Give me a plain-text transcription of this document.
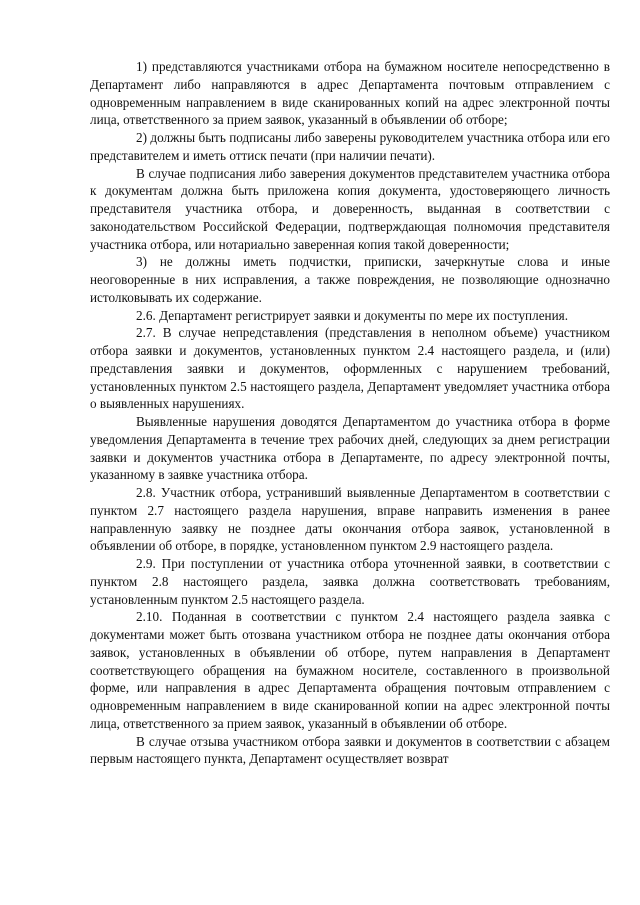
1) представляются участниками отбора на бумажном носителе непосредственно в Департамент либо направляются в адрес Департамента почтовым отправлением с одновременным направлением в виде сканированных копий на адрес электронной почты лица, ответственного за прием заявок, указанный в объявлении об отборе;

2) должны быть подписаны либо заверены руководителем участника отбора или его представителем и иметь оттиск печати (при наличии печати).

В случае подписания либо заверения документов представителем участника отбора к документам должна быть приложена копия документа, удостоверяющего личность представителя участника отбора, и доверенность, выданная в соответствии с законодательством Российской Федерации, подтверждающая полномочия представителя участника отбора, или нотариально заверенная копия такой доверенности;

3) не должны иметь подчистки, приписки, зачеркнутые слова и иные неоговоренные в них исправления, а также повреждения, не позволяющие однозначно истолковывать их содержание.

2.6. Департамент регистрирует заявки и документы по мере их поступления.

2.7. В случае непредставления (представления в неполном объеме) участником отбора заявки и документов, установленных пунктом 2.4 настоящего раздела, и (или) представления заявки и документов, оформленных с нарушением требований, установленных пунктом 2.5 настоящего раздела, Департамент уведомляет участника отбора о выявленных нарушениях.

Выявленные нарушения доводятся Департаментом до участника отбора в форме уведомления Департамента в течение трех рабочих дней, следующих за днем регистрации заявки и документов участника отбора в Департаменте, по адресу электронной почты, указанному в заявке участника отбора.

2.8. Участник отбора, устранивший выявленные Департаментом в соответствии с пунктом 2.7 настоящего раздела нарушения, вправе направить изменения в ранее направленную заявку не позднее даты окончания отбора заявок, установленной в объявлении об отборе, в порядке, установленном пунктом 2.9 настоящего раздела.

2.9. При поступлении от участника отбора уточненной заявки, в соответствии с пунктом 2.8 настоящего раздела, заявка должна соответствовать требованиям, установленным пунктом 2.5 настоящего раздела.

2.10. Поданная в соответствии с пунктом 2.4 настоящего раздела заявка с документами может быть отозвана участником отбора не позднее даты окончания отбора заявок, установленных в объявлении об отборе, путем направления в Департамент соответствующего обращения на бумажном носителе, составленного в произвольной форме, или направления в адрес Департамента обращения почтовым отправлением с одновременным направлением в виде сканированной копии на адрес электронной почты лица, ответственного за прием заявок, указанный в объявлении об отборе.

В случае отзыва участником отбора заявки и документов в соответствии с абзацем первым настоящего пункта, Департамент осуществляет возврат
